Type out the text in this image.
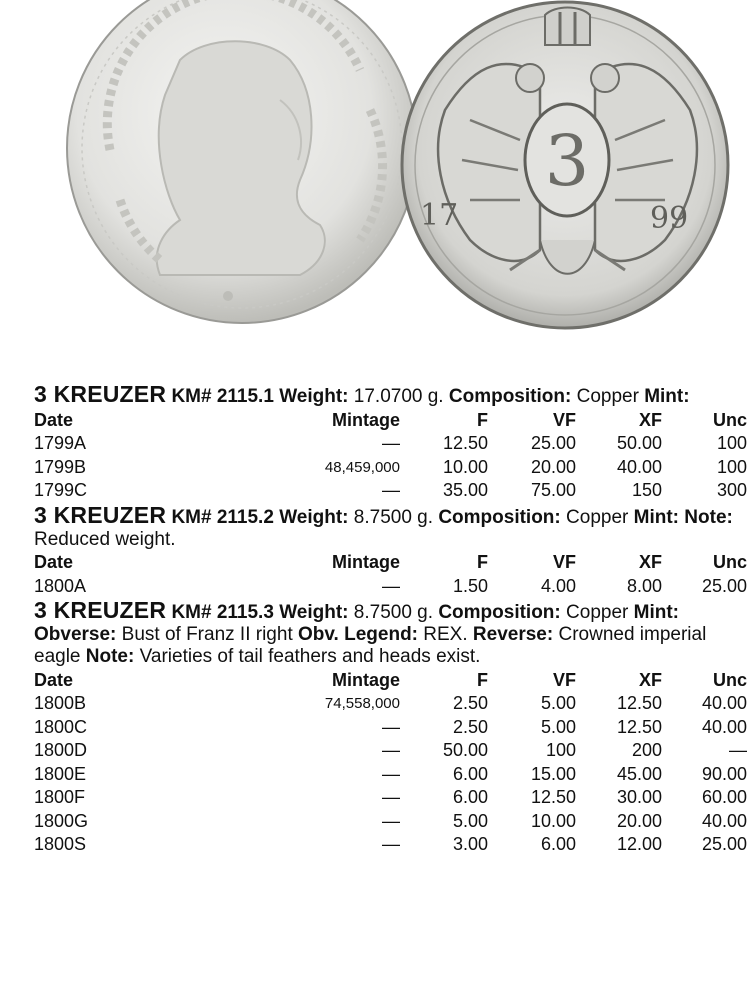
3
17	99
3 KREUZER KM# 2115.1 Weight: 17.0700 g. Composition: Copper Mint:
Date	Mintage	F	VF	XF	Unc
1799A	—	12.50	25.00	50.00	100
1799B	48,459,000	10.00	20.00	40.00	100
1799C	—	35.00	75.00	150	300
3 KREUZER KM# 2115.2 Weight: 8.7500 g. Composition: Copper Mint: Note: Reduced weight.
Date	Mintage	F	VF	XF	Unc
1800A	—	1.50	4.00	8.00	25.00
3 KREUZER KM# 2115.3 Weight: 8.7500 g. Composition: Copper Mint: Obverse: Bust of Franz II right Obv. Legend: REX. Reverse: Crowned imperial eagle Note: Varieties of tail feathers and heads exist.
Date	Mintage	F	VF	XF	Unc
1800B	74,558,000	2.50	5.00	12.50	40.00
1800C	—	2.50	5.00	12.50	40.00
1800D	—	50.00	100	200	—
1800E	—	6.00	15.00	45.00	90.00
1800F	—	6.00	12.50	30.00	60.00
1800G	—	5.00	10.00	20.00	40.00
1800S	—	3.00	6.00	12.00	25.00
